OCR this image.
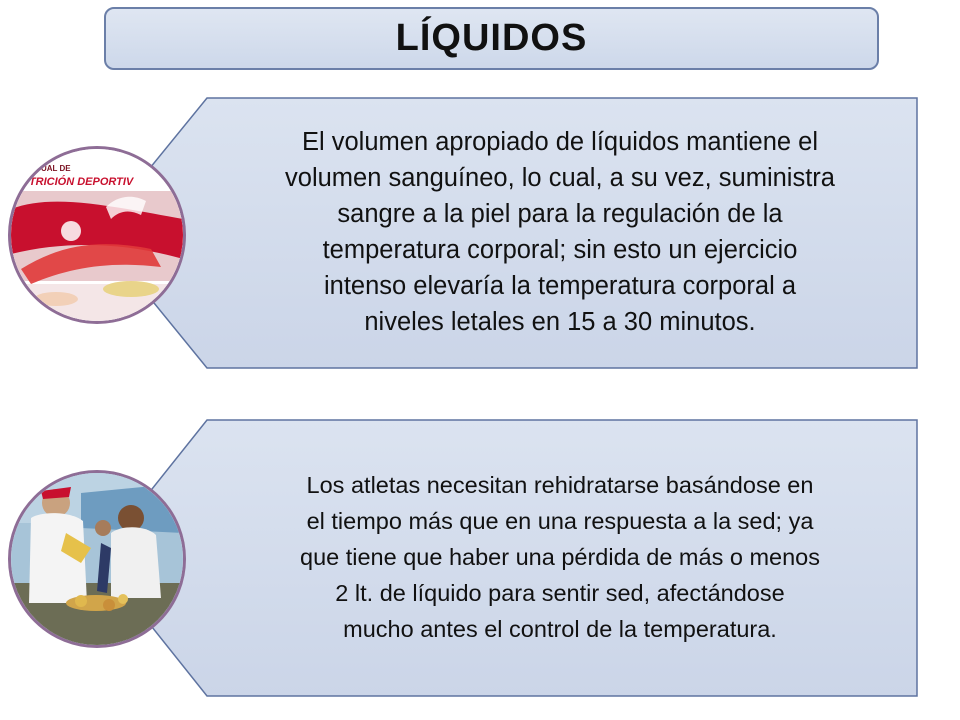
LÍQUIDOS
El volumen apropiado de líquidos mantiene el
volumen sanguíneo, lo cual, a su vez, suministra
sangre a la piel para la regulación de la
temperatura corporal; sin esto un ejercicio
intenso elevaría la temperatura corporal a
niveles letales en 15 a 30 minutos.
Los atletas necesitan rehidratarse basándose en
el tiempo más que en una respuesta a la sed; ya
que tiene que haber una pérdida de más o menos
2 lt. de líquido para sentir sed, afectándose
mucho antes el control de la temperatura.
UAL DE
UTRICIÓN DEPORTIV
